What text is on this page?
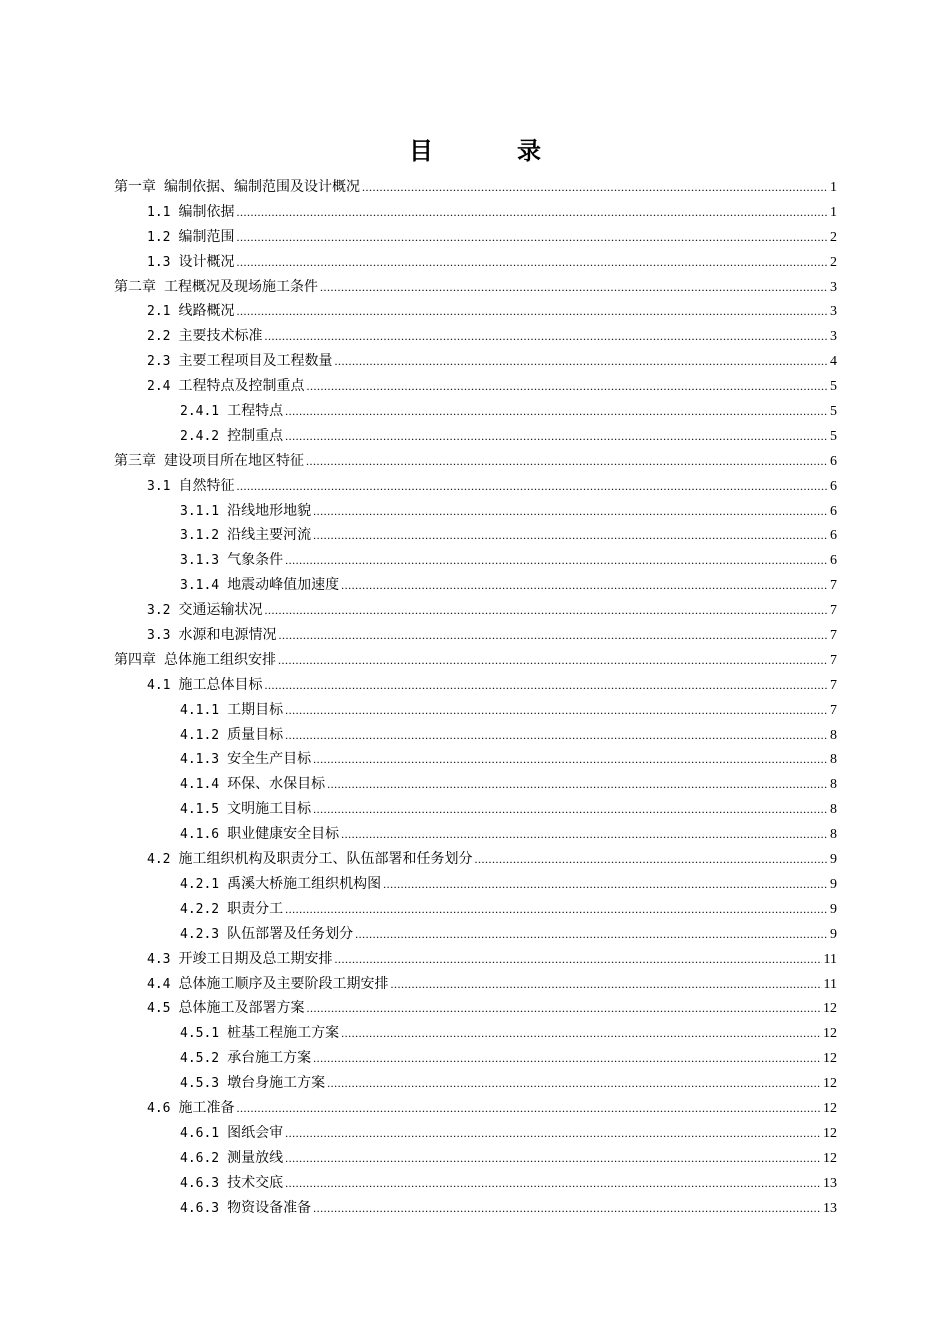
目　录
第一章 编制依据、编制范围及设计概况 .....	1
1.1 编制依据 .....	1
1.2 编制范围 .....	2
1.3 设计概况 .....	2
第二章 工程概况及现场施工条件 .....	3
2.1 线路概况 .....	3
2.2 主要技术标准 .....	3
2.3 主要工程项目及工程数量 .....	4
2.4 工程特点及控制重点 .....	5
2.4.1 工程特点 .....	5
2.4.2 控制重点 .....	5
第三章 建设项目所在地区特征 .....	6
3.1 自然特征 .....	6
3.1.1 沿线地形地貌 .....	6
3.1.2 沿线主要河流 .....	6
3.1.3 气象条件 .....	6
3.1.4 地震动峰值加速度 .....	7
3.2 交通运输状况 .....	7
3.3 水源和电源情况 .....	7
第四章 总体施工组织安排 .....	7
4.1 施工总体目标 .....	7
4.1.1 工期目标 .....	7
4.1.2 质量目标 .....	8
4.1.3 安全生产目标 .....	8
4.1.4 环保、水保目标 .....	8
4.1.5 文明施工目标 .....	8
4.1.6 职业健康安全目标 .....	8
4.2 施工组织机构及职责分工、队伍部署和任务划分 .....	9
4.2.1 禹溪大桥施工组织机构图 .....	9
4.2.2 职责分工 .....	9
4.2.3 队伍部署及任务划分 .....	9
4.3 开竣工日期及总工期安排 .....	11
4.4 总体施工顺序及主要阶段工期安排 .....	11
4.5 总体施工及部署方案 .....	12
4.5.1 桩基工程施工方案 .....	12
4.5.2 承台施工方案 .....	12
4.5.3 墩台身施工方案 .....	12
4.6 施工准备 .....	12
4.6.1 图纸会审 .....	12
4.6.2 测量放线 .....	12
4.6.3 技术交底 .....	13
4.6.3 物资设备准备 .....	13
